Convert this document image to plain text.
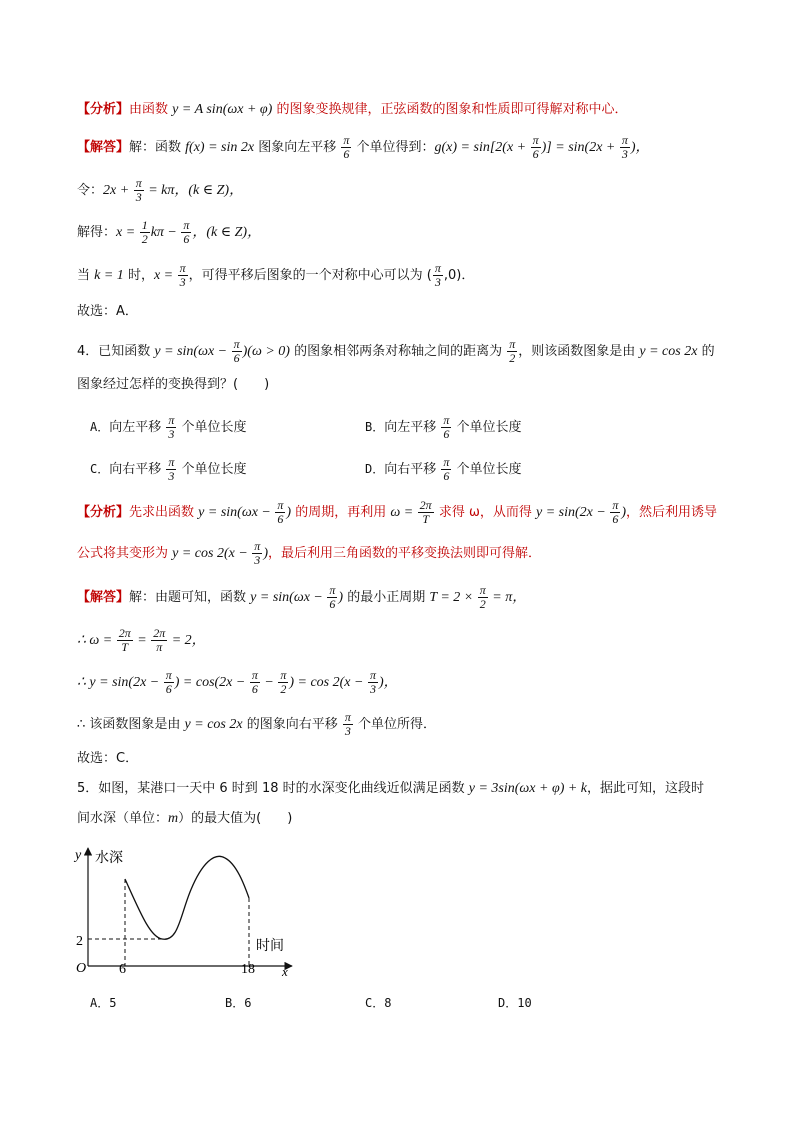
【分析】由函数 y = A sin(ωx + φ) 的图象变换规律，正弦函数的图象和性质即可得解对称中心．
【解答】解：函数 f(x) = sin 2x 图象向左平移 $\frac{\pi}{6}$ 个单位得到：$g(x) = \sin[2(x + \frac{\pi}{6}$ )] = $\sin(2x + \frac{\pi}{3}$ )，
令：$2x + \frac{\pi}{3} = k\pi$，(k ∈ Z)，
解得：$x = \frac{1}{2}$ $k\pi - \frac{\pi}{6}$ ，(k ∈ Z)，
当 k = 1 时，$x = \frac{\pi}{3}$ ，可得平移后图象的一个对称中心可以为 ( $\frac{\pi}{3} ,0$)．
故选：A．
4．已知函数 $y = \sin(\omega x - \frac{\pi}{6} )(\omega > 0)$ 的图象相邻两条对称轴之间的距离为 $\frac{\pi}{2}$ ，则该函数图象是由 y = cos 2x 的
图象经过怎样的变换得到？(　　)
A．向左平移 $\frac{\pi}{3}$ 个单位长度	B．向左平移 $\frac{\pi}{6}$ 个单位长度
C．向右平移 $\frac{\pi}{3}$ 个单位长度	D．向右平移 $\frac{\pi}{6}$ 个单位长度
【分析】先求出函数 $y = \sin(\omega x - \frac{\pi}{6}$ ) 的周期，再利用 $\omega = \frac{2\pi}{T}$ 求得 ω，从而得 $y = \sin(2x - \frac{\pi}{6}$ )，然后利用诱导
公式将其变形为 $y = \cos 2(x - \frac{\pi}{3}$ )，最后利用三角函数的平移变换法则即可得解．
【解答】解：由题可知，函数 $y = \sin(\omega x - \frac{\pi}{6}$ ) 的最小正周期 $T = 2 \times \frac{\pi}{2} = \pi$，
∴ $\omega = \frac{2\pi}{T} = \frac{2\pi}{\pi} = 2$，
∴ $y = \sin(2x - \frac{\pi}{6}$ ) = $\cos(2x - \frac{\pi}{6} - \frac{\pi}{2}$ ) = $\cos 2(x - \frac{\pi}{3}$ )，
∴ 该函数图象是由 y = cos 2x 的图象向右平移 $\frac{\pi}{3}$ 个单位所得．
故选：C．
5．如图，某港口一天中 6 时到 18 时的水深变化曲线近似满足函数 y = 3sin(ωx + φ) + k，据此可知，这段时
间水深（单位：m）的最大值为(　　)
y 水深
O
2
6	18 x
时间
A．5	B．6	C．8	D．10
